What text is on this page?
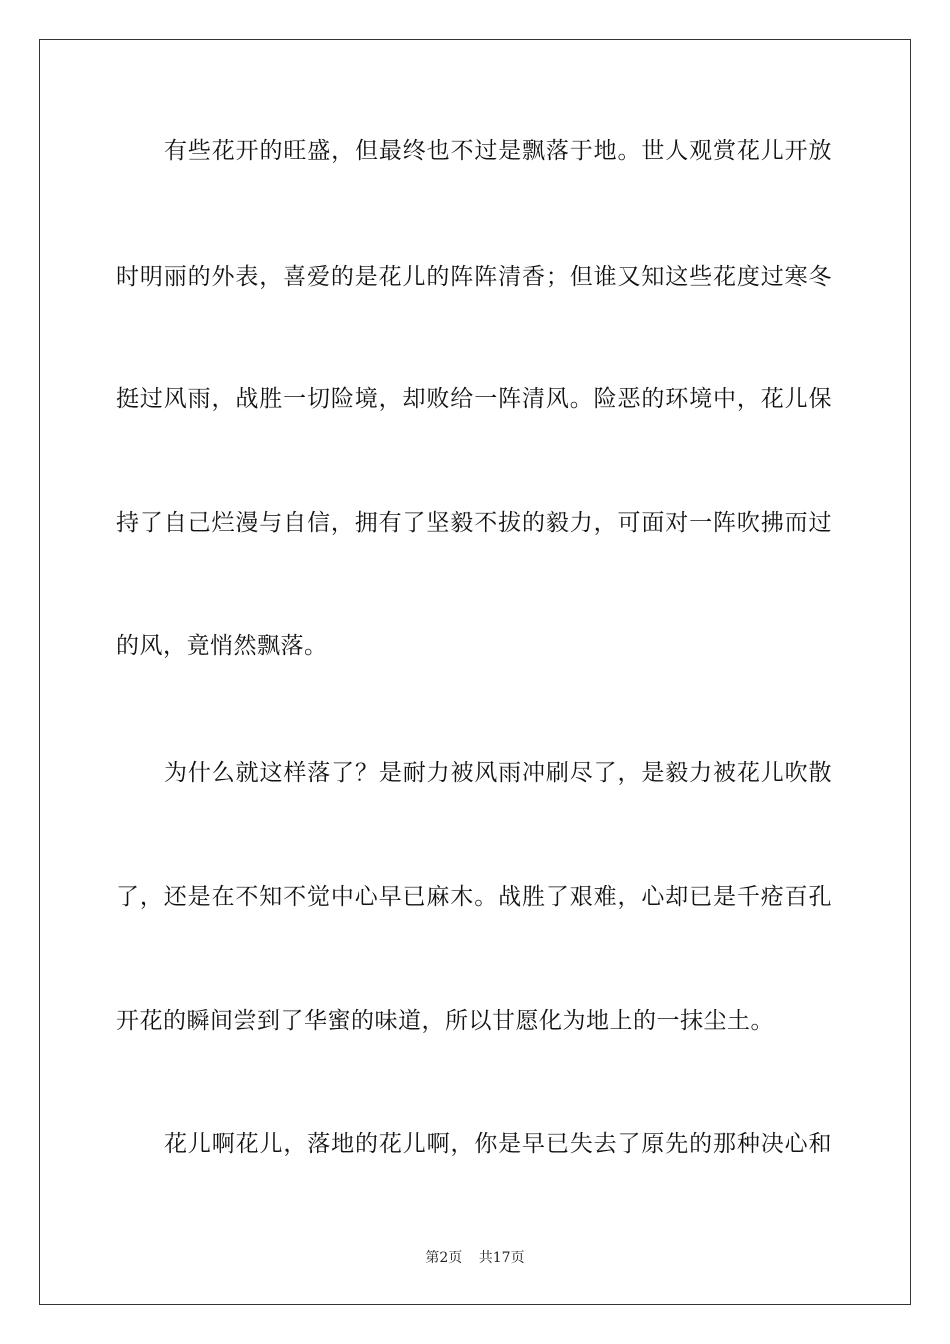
有些花开的旺盛，但最终也不过是飘落于地。世人观赏花儿开放
时明丽的外表，喜爱的是花儿的阵阵清香；但谁又知这些花度过寒冬
挺过风雨，战胜一切险境，却败给一阵清风。险恶的环境中，花儿保
持了自己烂漫与自信，拥有了坚毅不拔的毅力，可面对一阵吹拂而过
的风，竟悄然飘落。
为什么就这样落了？是耐力被风雨冲刷尽了，是毅力被花儿吹散
了，还是在不知不觉中心早已麻木。战胜了艰难，心却已是千疮百孔
开花的瞬间尝到了华蜜的味道，所以甘愿化为地上的一抹尘土。
花儿啊花儿，落地的花儿啊，你是早已失去了原先的那种决心和
第2页 共17页
